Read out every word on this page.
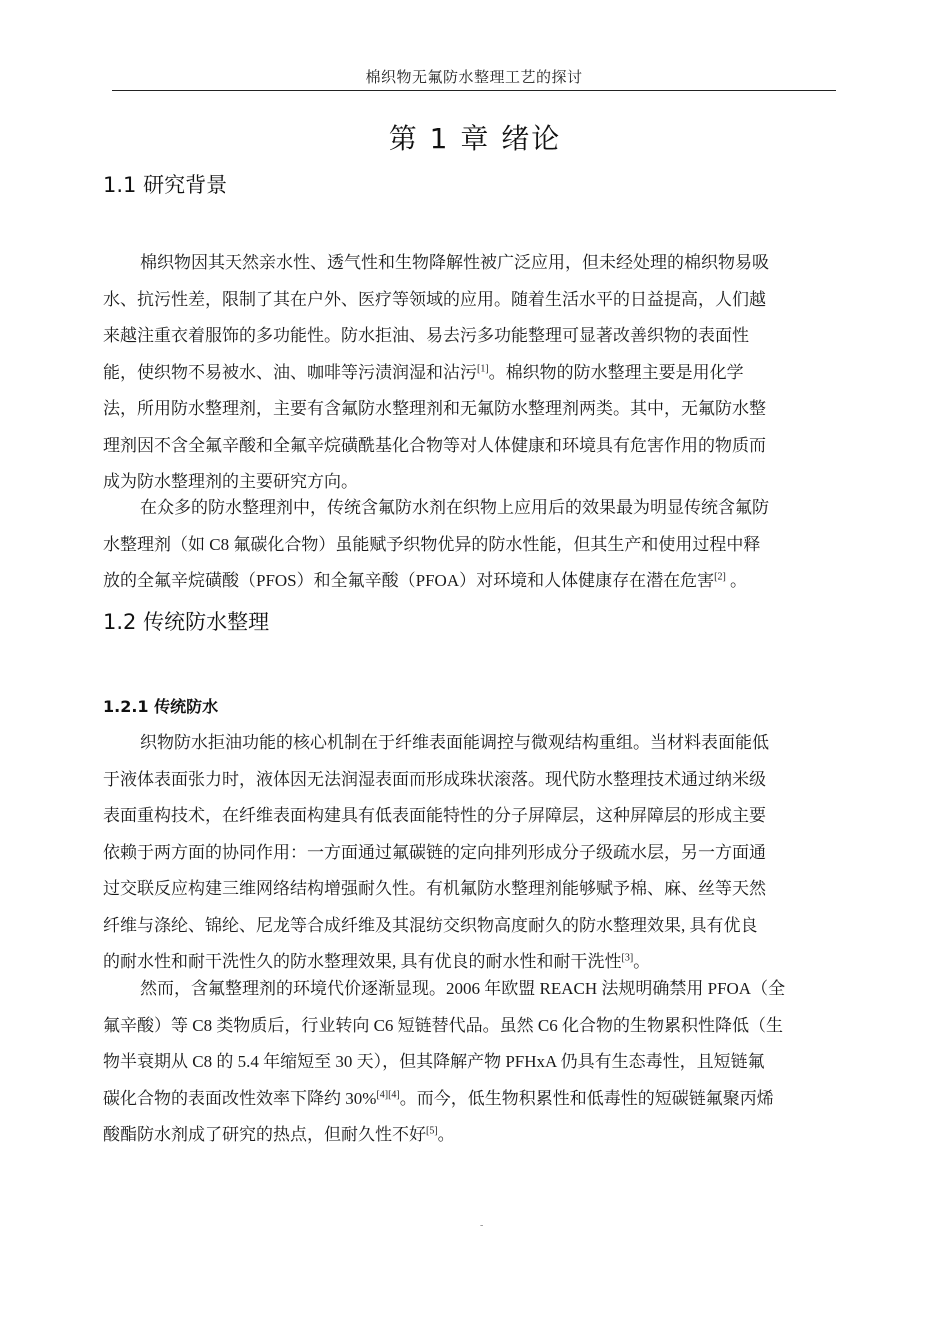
棉织物无氟防水整理工艺的探讨
第 1 章 绪论
1.1 研究背景
棉织物因其天然亲水性、透气性和生物降解性被广泛应用，但未经处理的棉织物易吸
水、抗污性差，限制了其在户外、医疗等领域的应用。随着生活水平的日益提高，人们越
来越注重衣着服饰的多功能性。防水拒油、易去污多功能整理可显著改善织物的表面性
能，使织物不易被水、油、咖啡等污渍润湿和沾污[1]。棉织物的防水整理主要是用化学
法，所用防水整理剂，主要有含氟防水整理剂和无氟防水整理剂两类。其中，无氟防水整
理剂因不含全氟辛酸和全氟辛烷磺酰基化合物等对人体健康和环境具有危害作用的物质而
成为防水整理剂的主要研究方向。
在众多的防水整理剂中，传统含氟防水剂在织物上应用后的效果最为明显传统含氟防
水整理剂（如 C8 氟碳化合物）虽能赋予织物优异的防水性能，但其生产和使用过程中释
放的全氟辛烷磺酸（PFOS）和全氟辛酸（PFOA）对环境和人体健康存在潜在危害[2] 。
1.2 传统防水整理
1.2.1 传统防水
织物防水拒油功能的核心机制在于纤维表面能调控与微观结构重组。当材料表面能低
于液体表面张力时，液体因无法润湿表面而形成珠状滚落。现代防水整理技术通过纳米级
表面重构技术，在纤维表面构建具有低表面能特性的分子屏障层，这种屏障层的形成主要
依赖于两方面的协同作用：一方面通过氟碳链的定向排列形成分子级疏水层，另一方面通
过交联反应构建三维网络结构增强耐久性。有机氟防水整理剂能够赋予棉、麻、丝等天然
纤维与涤纶、锦纶、尼龙等合成纤维及其混纺交织物高度耐久的防水整理效果, 具有优良
的耐水性和耐干洗性久的防水整理效果, 具有优良的耐水性和耐干洗性[3]。
然而，含氟整理剂的环境代价逐渐显现。2006 年欧盟 REACH 法规明确禁用 PFOA（全
氟辛酸）等 C8 类物质后，行业转向 C6 短链替代品。虽然 C6 化合物的生物累积性降低（生
物半衰期从 C8 的 5.4 年缩短至 30 天），但其降解产物 PFHxA 仍具有生态毒性，且短链氟
碳化合物的表面改性效率下降约 30%[4][4]。而今，低生物积累性和低毒性的短碳链氟聚丙烯
酸酯防水剂成了研究的热点，但耐久性不好[5]。
-
